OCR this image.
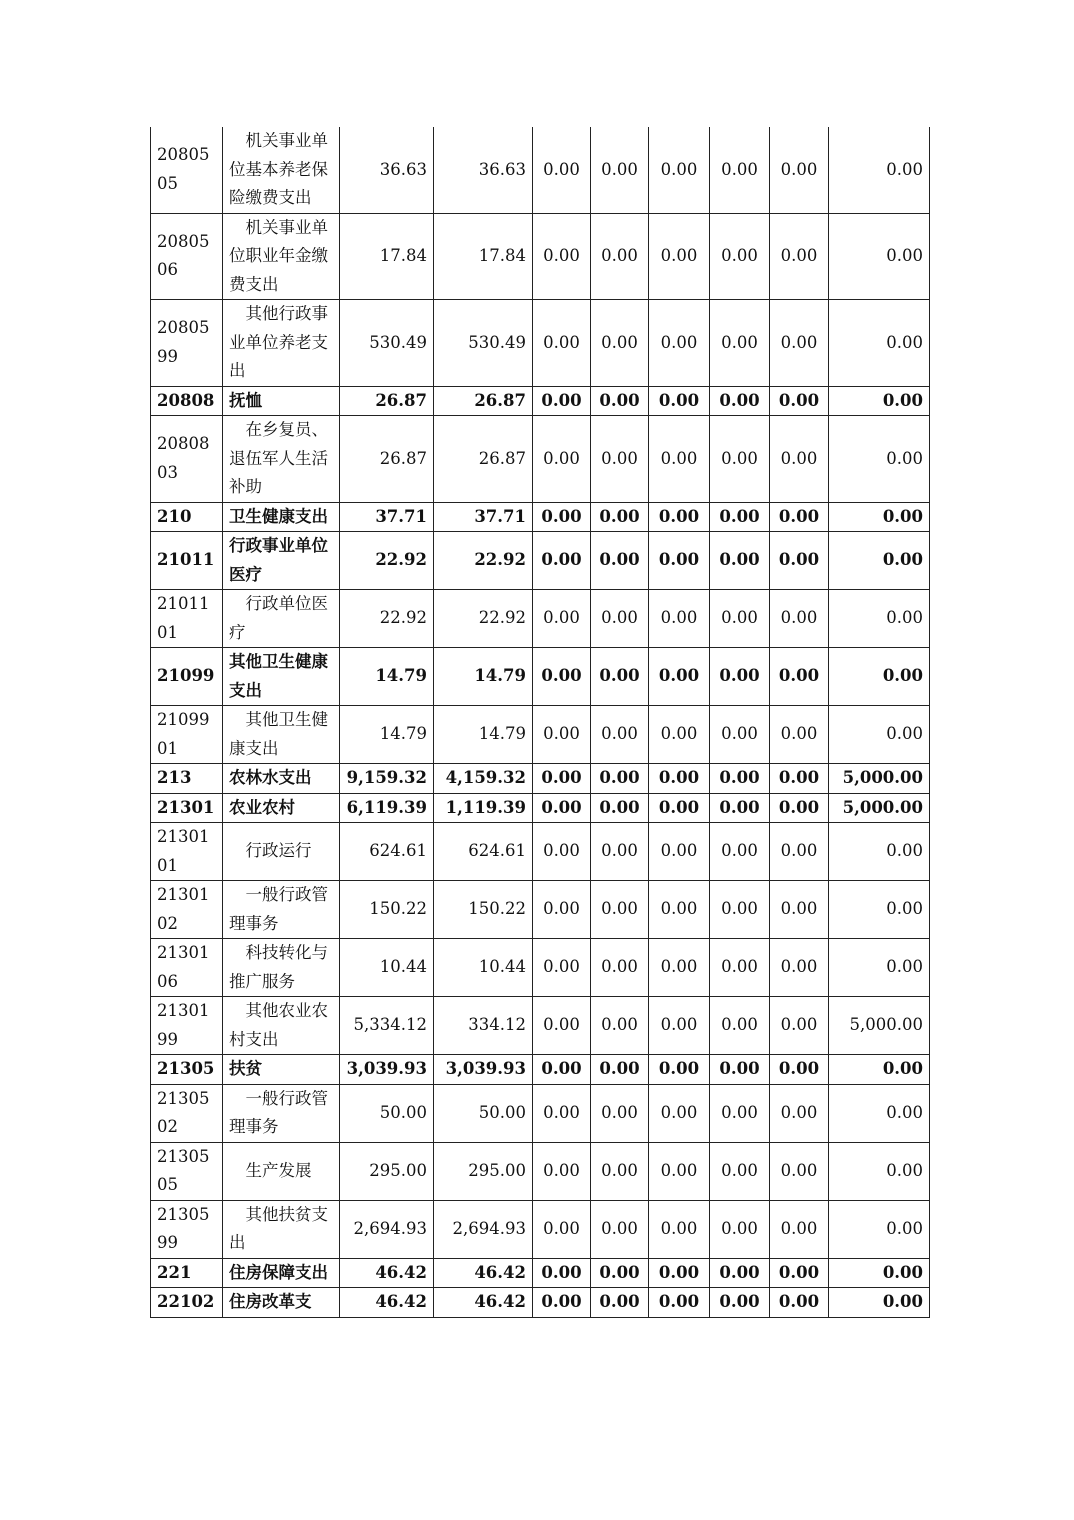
2080505	机关事业单位基本养老保险缴费支出	36.63	36.63	0.00	0.00	0.00	0.00	0.00	0.00
2080506	机关事业单位职业年金缴费支出	17.84	17.84	0.00	0.00	0.00	0.00	0.00	0.00
2080599	其他行政事业单位养老支出	530.49	530.49	0.00	0.00	0.00	0.00	0.00	0.00
20808	抚恤	26.87	26.87	0.00	0.00	0.00	0.00	0.00	0.00
2080803	在乡复员、退伍军人生活补助	26.87	26.87	0.00	0.00	0.00	0.00	0.00	0.00
210	卫生健康支出	37.71	37.71	0.00	0.00	0.00	0.00	0.00	0.00
21011	行政事业单位医疗	22.92	22.92	0.00	0.00	0.00	0.00	0.00	0.00
2101101	行政单位医疗	22.92	22.92	0.00	0.00	0.00	0.00	0.00	0.00
21099	其他卫生健康支出	14.79	14.79	0.00	0.00	0.00	0.00	0.00	0.00
2109901	其他卫生健康支出	14.79	14.79	0.00	0.00	0.00	0.00	0.00	0.00
213	农林水支出	9,159.32	4,159.32	0.00	0.00	0.00	0.00	0.00	5,000.00
21301	农业农村	6,119.39	1,119.39	0.00	0.00	0.00	0.00	0.00	5,000.00
2130101	行政运行	624.61	624.61	0.00	0.00	0.00	0.00	0.00	0.00
2130102	一般行政管理事务	150.22	150.22	0.00	0.00	0.00	0.00	0.00	0.00
2130106	科技转化与推广服务	10.44	10.44	0.00	0.00	0.00	0.00	0.00	0.00
2130199	其他农业农村支出	5,334.12	334.12	0.00	0.00	0.00	0.00	0.00	5,000.00
21305	扶贫	3,039.93	3,039.93	0.00	0.00	0.00	0.00	0.00	0.00
2130502	一般行政管理事务	50.00	50.00	0.00	0.00	0.00	0.00	0.00	0.00
2130505	生产发展	295.00	295.00	0.00	0.00	0.00	0.00	0.00	0.00
2130599	其他扶贫支出	2,694.93	2,694.93	0.00	0.00	0.00	0.00	0.00	0.00
221	住房保障支出	46.42	46.42	0.00	0.00	0.00	0.00	0.00	0.00
22102	住房改革支	46.42	46.42	0.00	0.00	0.00	0.00	0.00	0.00
